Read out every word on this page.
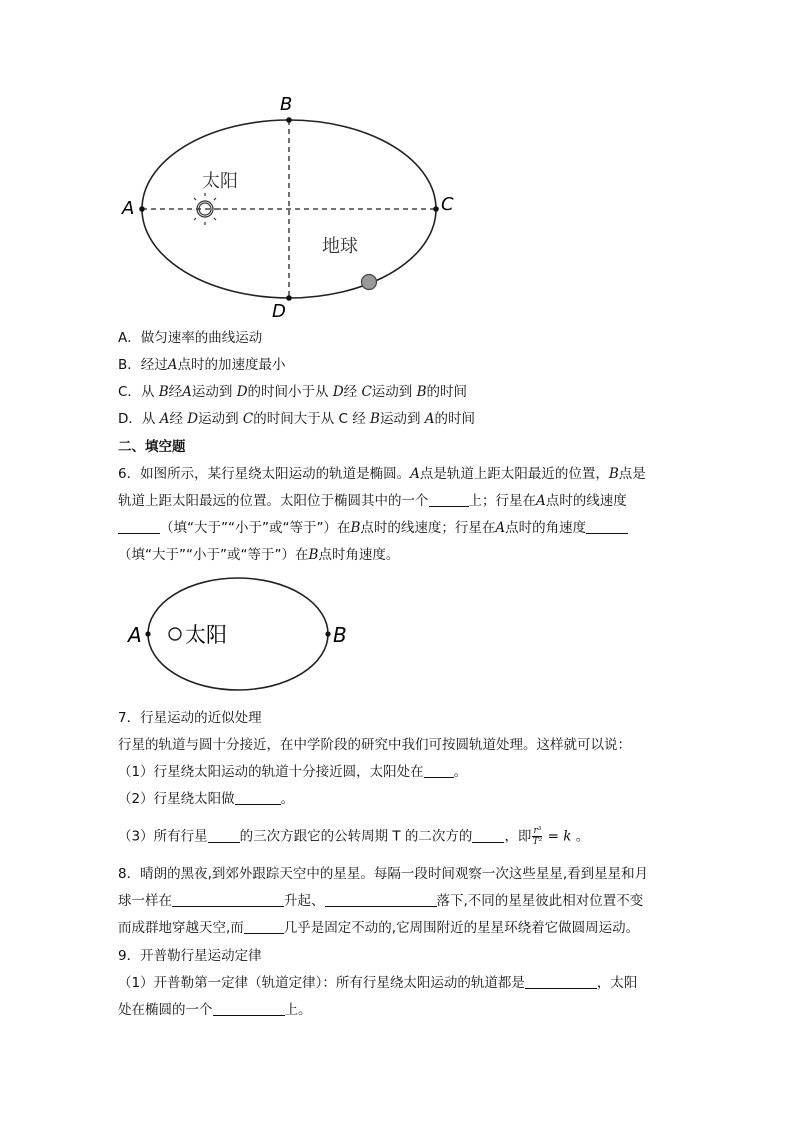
A
B
C
D
太阳
地球
A．做匀速率的曲线运动
B．经过A点时的加速度最小
C．从 B经A运动到 D的时间小于从 D经 C运动到 B的时间
D．从 A经 D运动到 C的时间大于从 C 经 B运动到 A的时间
二、填空题
6．如图所示，某行星绕太阳运动的轨道是椭圆。A点是轨道上距太阳最近的位置，B点是
轨道上距太阳最远的位置。太阳位于椭圆其中的一个	上；行星在A点时的线速度
（填“大于”“小于”或“等于”）在B点时的线速度；行星在A点时的角速度
（填“大于”“小于”或“等于”）在B点时角速度。
A	B
太阳
7．行星运动的近似处理
行星的轨道与圆十分接近，在中学阶段的研究中我们可按圆轨道处理。这样就可以说：
（1）行星绕太阳运动的轨道十分接近圆，太阳处在 。
（2）行星绕太阳做	。
（3）所有行星 的三次方跟它的公转周期 T 的二次方的 ，即 $\frac{\text{r³}}{\text{T²}} = k$ 。
8．晴朗的黑夜,到郊外跟踪天空中的星星。每隔一段时间观察一次这些星星,看到星星和月
球一样在	升起、	落下,不同的星星彼此相对位置不变
而成群地穿越天空,而	几乎是固定不动的,它周围附近的星星环绕着它做圆周运动。
9．开普勒行星运动定律
（1）开普勒第一定律（轨道定律）：所有行星绕太阳运动的轨道都是	，太阳
处在椭圆的一个	上。
